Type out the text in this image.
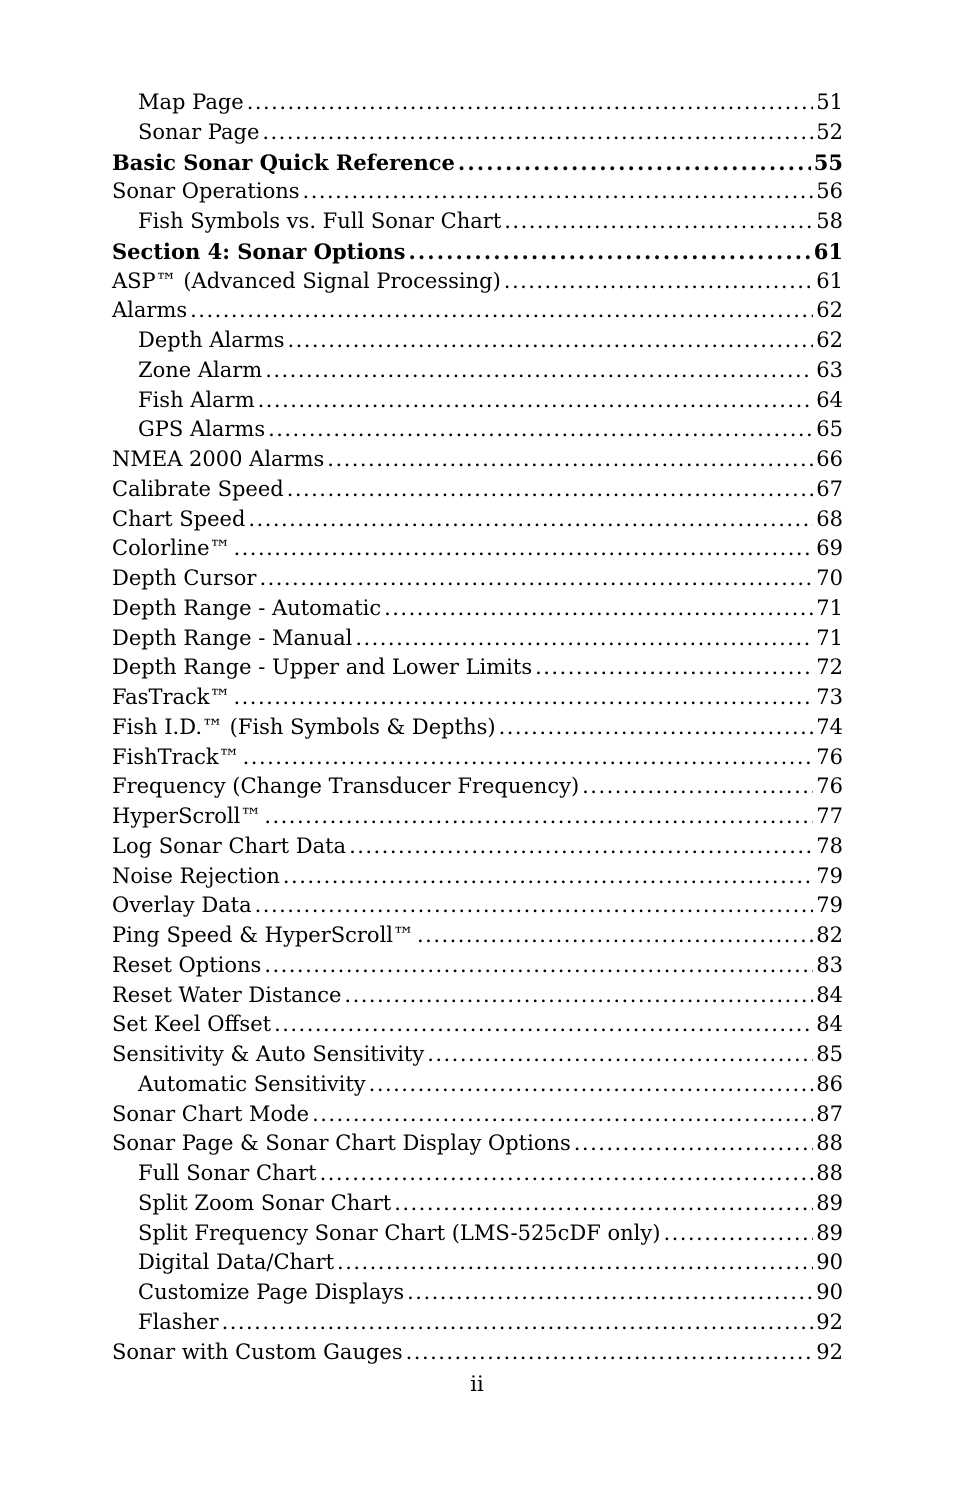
Map Page . . .	51
Sonar Page . . .	52
Basic Sonar Quick Reference . . .	55
Sonar Operations . . .	56
Fish Symbols vs. Full Sonar Chart . . .	58
Section 4: Sonar Options . . .	61
ASP™ (Advanced Signal Processing) . . .	61
Alarms . . .	62
Depth Alarms . . .	62
Zone Alarm . . .	63
Fish Alarm . . .	64
GPS Alarms . . .	65
NMEA 2000 Alarms . . .	66
Calibrate Speed . . .	67
Chart Speed . . .	68
Colorline™ . . .	69
Depth Cursor . . .	70
Depth Range - Automatic . . .	71
Depth Range - Manual . . .	71
Depth Range - Upper and Lower Limits . . .	72
FasTrack™ . . .	73
Fish I.D.™ (Fish Symbols & Depths) . . .	74
FishTrack™ . . .	76
Frequency (Change Transducer Frequency) . . .	76
HyperScroll™ . . .	77
Log Sonar Chart Data . . .	78
Noise Rejection . . .	79
Overlay Data . . .	79
Ping Speed & HyperScroll™ . . .	82
Reset Options . . .	83
Reset Water Distance . . .	84
Set Keel Offset . . .	84
Sensitivity & Auto Sensitivity . . .	85
Automatic Sensitivity . . .	86
Sonar Chart Mode . . .	87
Sonar Page & Sonar Chart Display Options . . .	88
Full Sonar Chart . . .	88
Split Zoom Sonar Chart . . .	89
Split Frequency Sonar Chart (LMS-525cDF only) . . .	89
Digital Data/Chart . . .	90
Customize Page Displays . . .	90
Flasher . . .	92
Sonar with Custom Gauges . . .	92
ii
